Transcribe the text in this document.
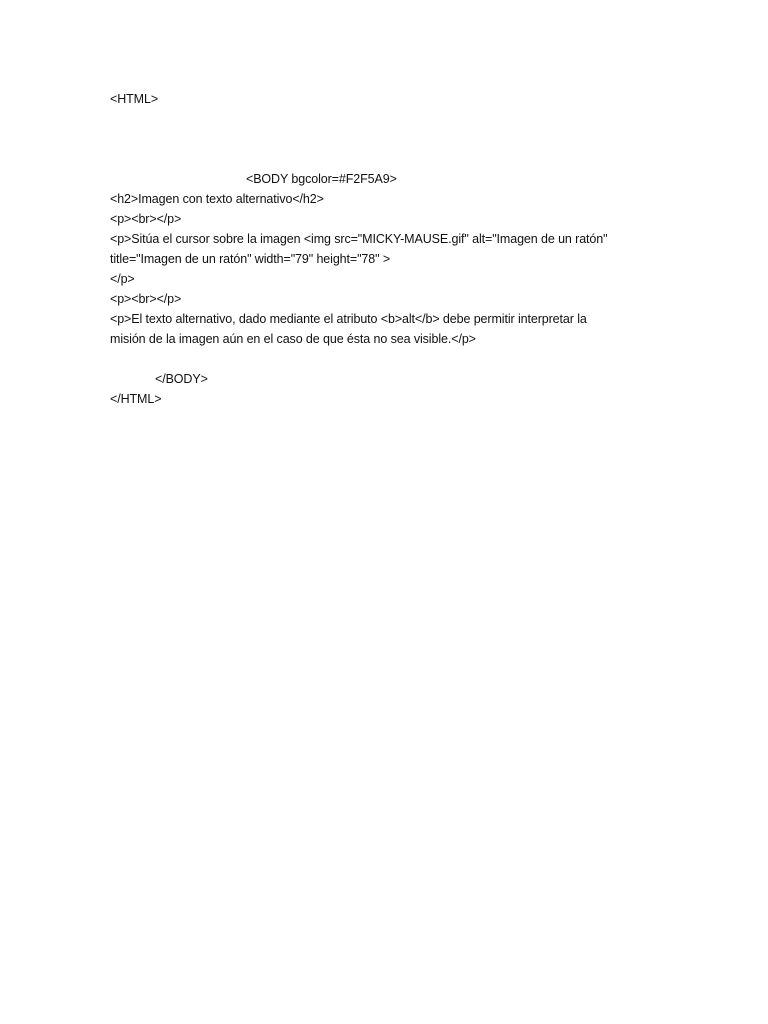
<HTML>
<BODY bgcolor=#F2F5A9>
<h2>Imagen con texto alternativo</h2>
<p><br></p>
<p>Sitúa el cursor sobre la imagen <img src="MICKY-MAUSE.gif" alt="Imagen de un ratón"
title="Imagen de un ratón" width="79" height="78" >
</p>
<p><br></p>
<p>El texto alternativo, dado mediante el atributo <b>alt</b> debe permitir interpretar la
misión de la imagen aún en el caso de que ésta no sea visible.</p>
</BODY>
</HTML>
